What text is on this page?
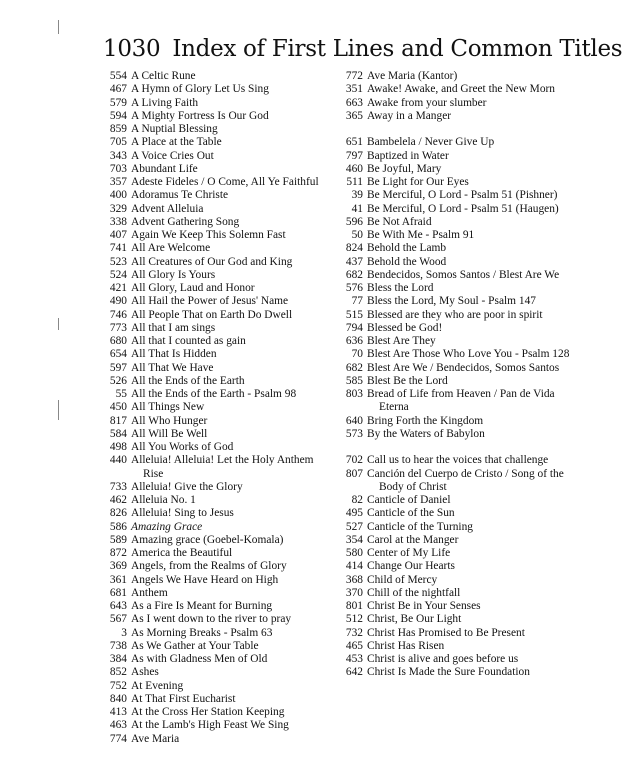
1030 Index of First Lines and Common Titles
554 A Celtic Rune
467 A Hymn of Glory Let Us Sing
579 A Living Faith
594 A Mighty Fortress Is Our God
859 A Nuptial Blessing
705 A Place at the Table
343 A Voice Cries Out
703 Abundant Life
357 Adeste Fideles / O Come, All Ye Faithful
400 Adoramus Te Christe
329 Advent Alleluia
338 Advent Gathering Song
407 Again We Keep This Solemn Fast
741 All Are Welcome
523 All Creatures of Our God and King
524 All Glory Is Yours
421 All Glory, Laud and Honor
490 All Hail the Power of Jesus' Name
746 All People That on Earth Do Dwell
773 All that I am sings
680 All that I counted as gain
654 All That Is Hidden
597 All That We Have
526 All the Ends of the Earth
55 All the Ends of the Earth - Psalm 98
450 All Things New
817 All Who Hunger
584 All Will Be Well
498 All You Works of God
440 Alleluia! Alleluia! Let the Holy Anthem Rise
733 Alleluia! Give the Glory
462 Alleluia No. 1
826 Alleluia! Sing to Jesus
586 Amazing Grace
589 Amazing grace (Goebel-Komala)
872 America the Beautiful
369 Angels, from the Realms of Glory
361 Angels We Have Heard on High
681 Anthem
643 As a Fire Is Meant for Burning
567 As I went down to the river to pray
3 As Morning Breaks - Psalm 63
738 As We Gather at Your Table
384 As with Gladness Men of Old
852 Ashes
752 At Evening
840 At That First Eucharist
413 At the Cross Her Station Keeping
463 At the Lamb's High Feast We Sing
774 Ave Maria
772 Ave Maria (Kantor)
351 Awake! Awake, and Greet the New Morn
663 Awake from your slumber
365 Away in a Manger
651 Bambelela / Never Give Up
797 Baptized in Water
460 Be Joyful, Mary
511 Be Light for Our Eyes
39 Be Merciful, O Lord - Psalm 51 (Pishner)
41 Be Merciful, O Lord - Psalm 51 (Haugen)
596 Be Not Afraid
50 Be With Me - Psalm 91
824 Behold the Lamb
437 Behold the Wood
682 Bendecidos, Somos Santos / Blest Are We
576 Bless the Lord
77 Bless the Lord, My Soul - Psalm 147
515 Blessed are they who are poor in spirit
794 Blessed be God!
636 Blest Are They
70 Blest Are Those Who Love You - Psalm 128
682 Blest Are We / Bendecidos, Somos Santos
585 Blest Be the Lord
803 Bread of Life from Heaven / Pan de Vida Eterna
640 Bring Forth the Kingdom
573 By the Waters of Babylon
702 Call us to hear the voices that challenge
807 Canción del Cuerpo de Cristo / Song of the Body of Christ
82 Canticle of Daniel
495 Canticle of the Sun
527 Canticle of the Turning
354 Carol at the Manger
580 Center of My Life
414 Change Our Hearts
368 Child of Mercy
370 Chill of the nightfall
801 Christ Be in Your Senses
512 Christ, Be Our Light
732 Christ Has Promised to Be Present
465 Christ Has Risen
453 Christ is alive and goes before us
642 Christ Is Made the Sure Foundation
